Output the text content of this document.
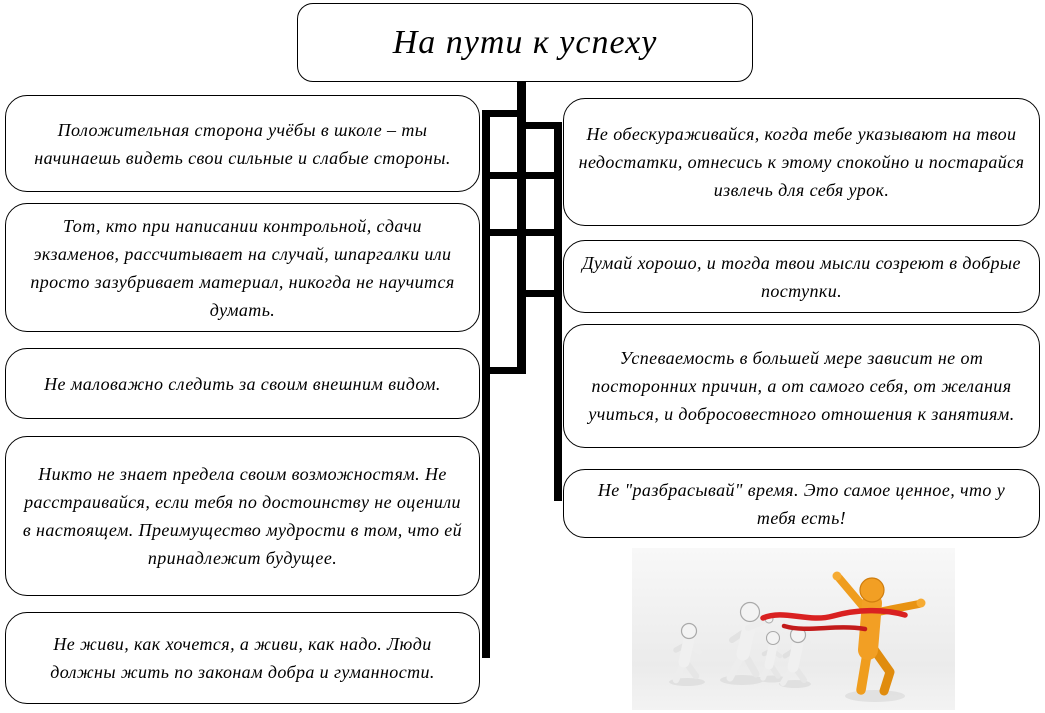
На пути к успеху
Положительная сторона учёбы в школе – ты начинаешь видеть свои сильные и слабые стороны.
Тот, кто при написании контрольной, сдачи экзаменов, рассчитывает на случай, шпаргалки или просто зазубривает материал, никогда не научится думать.
Не маловажно следить за своим внешним видом.
Никто не знает предела своим возможностям. Не расстраивайся, если тебя по достоинству не оценили в настоящем. Преимущество мудрости в том, что ей принадлежит будущее.
Не живи, как хочется, а живи, как надо. Люди должны жить по законам добра и гуманности.
Не обескураживайся, когда тебе указывают на твои недостатки, отнесись к этому спокойно и постарайся извлечь для себя урок.
Думай хорошо, и тогда твои мысли созреют в добрые поступки.
Успеваемость в большей мере зависит не от посторонних причин, а от самого себя, от желания учиться, и добросовестного отношения к занятиям.
Не "разбрасывай" время. Это самое ценное, что у тебя есть!
